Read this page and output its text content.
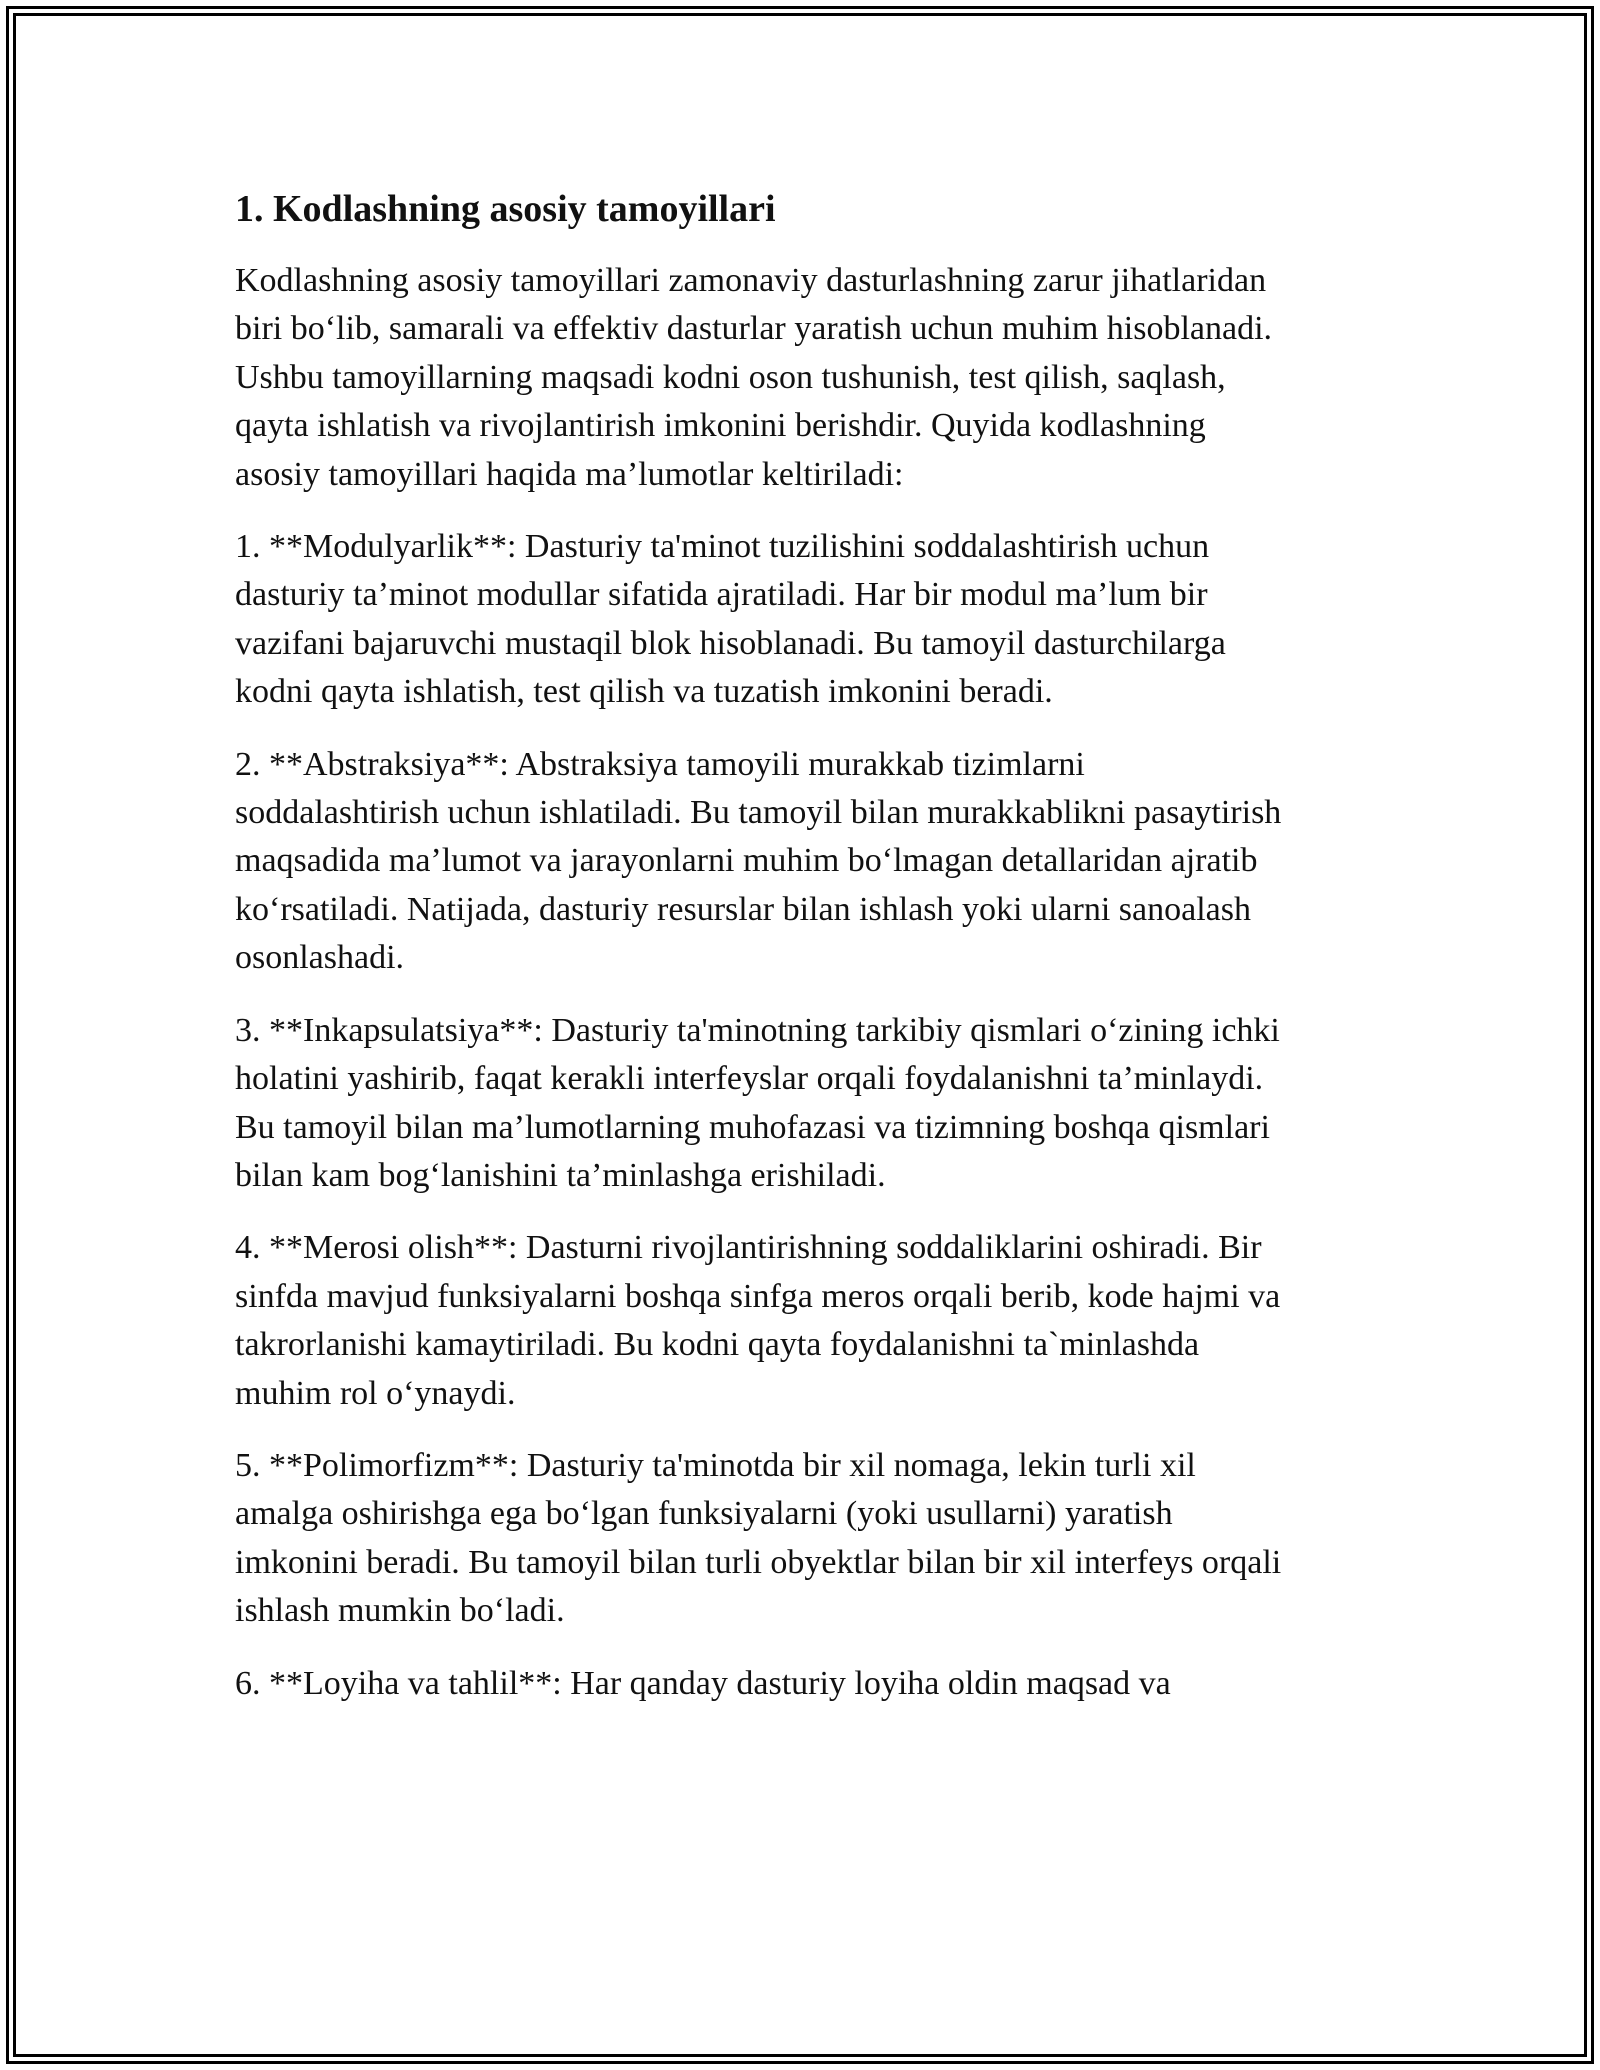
1. Kodlashning asosiy tamoyillari

Kodlashning asosiy tamoyillari zamonaviy dasturlashning zarur jihatlaridan
biri bo‘lib, samarali va effektiv dasturlar yaratish uchun muhim hisoblanadi.
Ushbu tamoyillarning maqsadi kodni oson tushunish, test qilish, saqlash,
qayta ishlatish va rivojlantirish imkonini berishdir. Quyida kodlashning
asosiy tamoyillari haqida ma’lumotlar keltiriladi:

1. **Modulyarlik**: Dasturiy ta'minot tuzilishini soddalashtirish uchun
dasturiy ta’minot modullar sifatida ajratiladi. Har bir modul ma’lum bir
vazifani bajaruvchi mustaqil blok hisoblanadi. Bu tamoyil dasturchilarga
kodni qayta ishlatish, test qilish va tuzatish imkonini beradi.

2. **Abstraksiya**: Abstraksiya tamoyili murakkab tizimlarni
soddalashtirish uchun ishlatiladi. Bu tamoyil bilan murakkablikni pasaytirish
maqsadida ma’lumot va jarayonlarni muhim bo‘lmagan detallaridan ajratib
ko‘rsatiladi. Natijada, dasturiy resurslar bilan ishlash yoki ularni sanoalash
osonlashadi.

3. **Inkapsulatsiya**: Dasturiy ta'minotning tarkibiy qismlari o‘zining ichki
holatini yashirib, faqat kerakli interfeyslar orqali foydalanishni ta’minlaydi.
Bu tamoyil bilan ma’lumotlarning muhofazasi va tizimning boshqa qismlari
bilan kam bog‘lanishini ta’minlashga erishiladi.

4. **Merosi olish**: Dasturni rivojlantirishning soddaliklarini oshiradi. Bir
sinfda mavjud funksiyalarni boshqa sinfga meros orqali berib, kode hajmi va
takrorlanishi kamaytiriladi. Bu kodni qayta foydalanishni ta`minlashda
muhim rol o‘ynaydi.

5. **Polimorfizm**: Dasturiy ta'minotda bir xil nomaga, lekin turli xil
amalga oshirishga ega bo‘lgan funksiyalarni (yoki usullarni) yaratish
imkonini beradi. Bu tamoyil bilan turli obyektlar bilan bir xil interfeys orqali
ishlash mumkin bo‘ladi.

6. **Loyiha va tahlil**: Har qanday dasturiy loyiha oldin maqsad va
